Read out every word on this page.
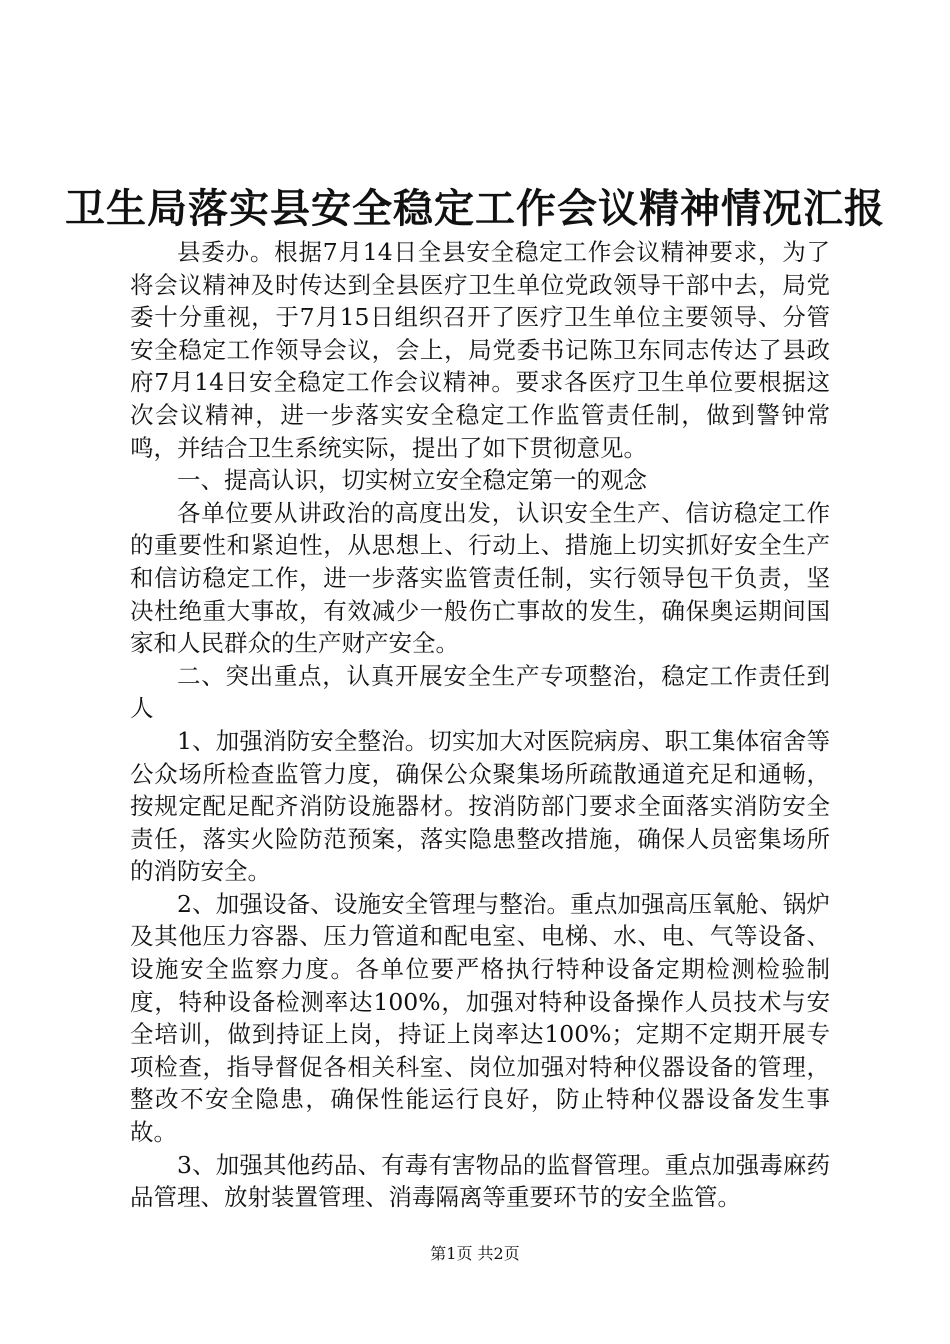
卫生局落实县安全稳定工作会议精神情况汇报

县委办。根据7月14日全县安全稳定工作会议精神要求，为了将会议精神及时传达到全县医疗卫生单位党政领导干部中去，局党委十分重视，于7月15日组织召开了医疗卫生单位主要领导、分管安全稳定工作领导会议，会上，局党委书记陈卫东同志传达了县政府7月14日安全稳定工作会议精神。要求各医疗卫生单位要根据这次会议精神，进一步落实安全稳定工作监管责任制，做到警钟常鸣，并结合卫生系统实际，提出了如下贯彻意见。

一、提高认识，切实树立安全稳定第一的观念

各单位要从讲政治的高度出发，认识安全生产、信访稳定工作的重要性和紧迫性，从思想上、行动上、措施上切实抓好安全生产和信访稳定工作，进一步落实监管责任制，实行领导包干负责，坚决杜绝重大事故，有效减少一般伤亡事故的发生，确保奥运期间国家和人民群众的生产财产安全。

二、突出重点，认真开展安全生产专项整治，稳定工作责任到人

1、加强消防安全整治。切实加大对医院病房、职工集体宿舍等公众场所检查监管力度，确保公众聚集场所疏散通道充足和通畅，按规定配足配齐消防设施器材。按消防部门要求全面落实消防安全责任，落实火险防范预案，落实隐患整改措施，确保人员密集场所的消防安全。

2、加强设备、设施安全管理与整治。重点加强高压氧舱、锅炉及其他压力容器、压力管道和配电室、电梯、水、电、气等设备、设施安全监察力度。各单位要严格执行特种设备定期检测检验制度，特种设备检测率达100%，加强对特种设备操作人员技术与安全培训，做到持证上岗，持证上岗率达100%；定期不定期开展专项检查，指导督促各相关科室、岗位加强对特种仪器设备的管理，整改不安全隐患，确保性能运行良好，防止特种仪器设备发生事故。

3、加强其他药品、有毒有害物品的监督管理。重点加强毒麻药品管理、放射装置管理、消毒隔离等重要环节的安全监管。

第1页 共2页
